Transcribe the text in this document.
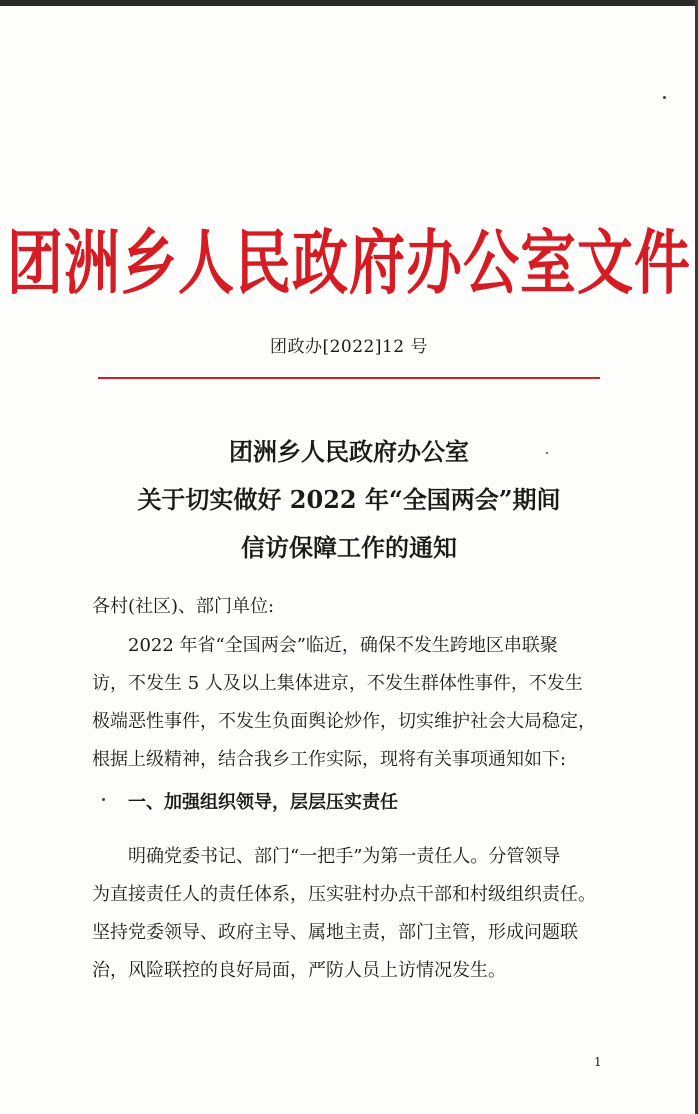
团洲乡人民政府办公室文件
团政办[2022]12 号
团洲乡人民政府办公室
关于切实做好 2022 年“全国两会”期间
信访保障工作的通知
各村(社区)、部门单位:
2022 年省“全国两会”临近，确保不发生跨地区串联聚
访，不发生 5 人及以上集体进京，不发生群体性事件，不发生
极端恶性事件，不发生负面舆论炒作，切实维护社会大局稳定，
根据上级精神，结合我乡工作实际，现将有关事项通知如下:
一、加强组织领导，层层压实责任
明确党委书记、部门“一把手”为第一责任人。分管领导
为直接责任人的责任体系，压实驻村办点干部和村级组织责任。
坚持党委领导、政府主导、属地主责，部门主管，形成问题联
治，风险联控的良好局面，严防人员上访情况发生。
1
